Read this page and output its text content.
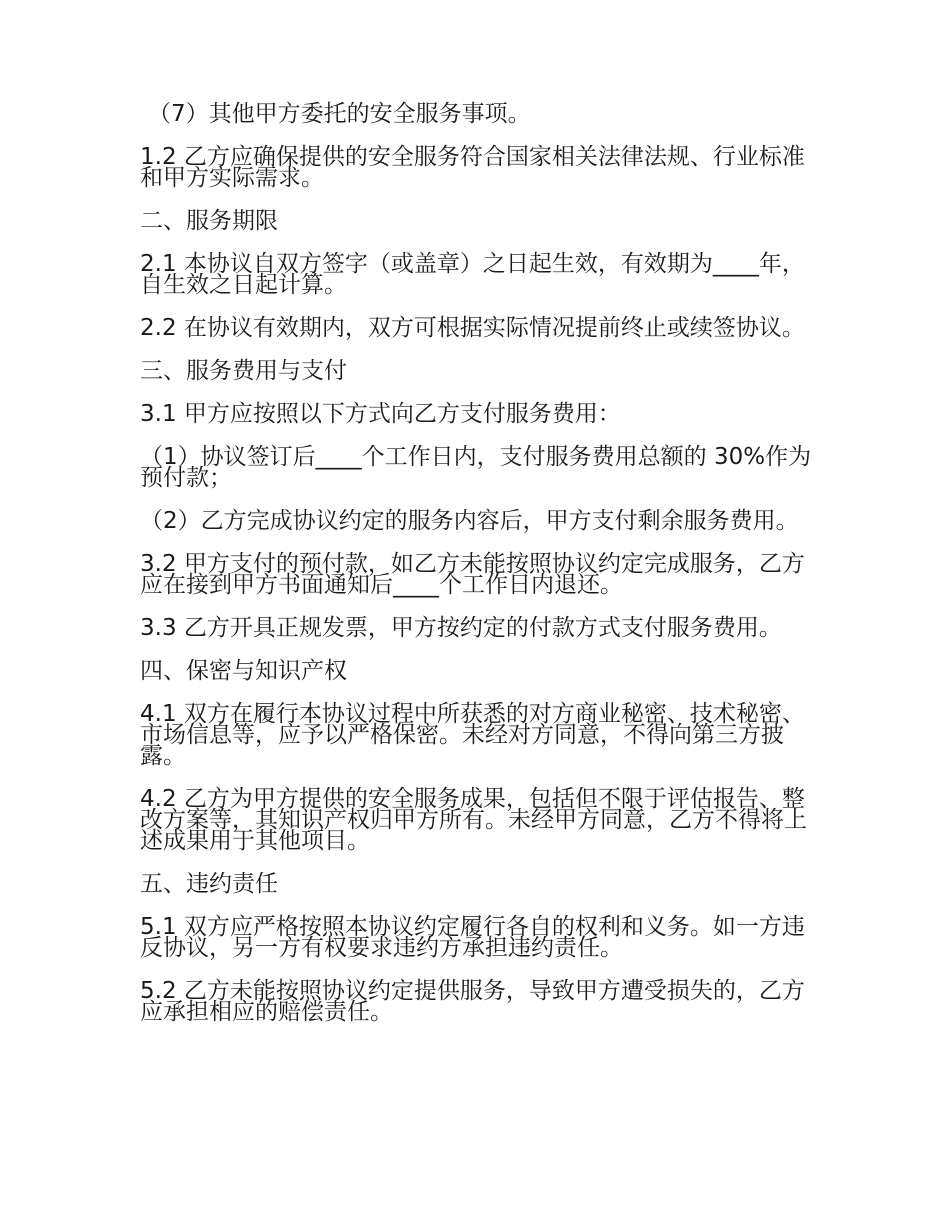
（7）其他甲方委托的安全服务事项。

1.2 乙方应确保提供的安全服务符合国家相关法律法规、行业标准和甲方实际需求。

二、服务期限

2.1 本协议自双方签字（或盖章）之日起生效，有效期为____年，自生效之日起计算。

2.2 在协议有效期内，双方可根据实际情况提前终止或续签协议。

三、服务费用与支付

3.1 甲方应按照以下方式向乙方支付服务费用：

（1）协议签订后____个工作日内，支付服务费用总额的 30%作为预付款；

（2）乙方完成协议约定的服务内容后，甲方支付剩余服务费用。

3.2 甲方支付的预付款，如乙方未能按照协议约定完成服务，乙方应在接到甲方书面通知后____个工作日内退还。

3.3 乙方开具正规发票，甲方按约定的付款方式支付服务费用。

四、保密与知识产权

4.1 双方在履行本协议过程中所获悉的对方商业秘密、技术秘密、市场信息等，应予以严格保密。未经对方同意，不得向第三方披露。

4.2 乙方为甲方提供的安全服务成果，包括但不限于评估报告、整改方案等，其知识产权归甲方所有。未经甲方同意，乙方不得将上述成果用于其他项目。

五、违约责任

5.1 双方应严格按照本协议约定履行各自的权利和义务。如一方违反协议，另一方有权要求违约方承担违约责任。

5.2 乙方未能按照协议约定提供服务，导致甲方遭受损失的，乙方应承担相应的赔偿责任。
